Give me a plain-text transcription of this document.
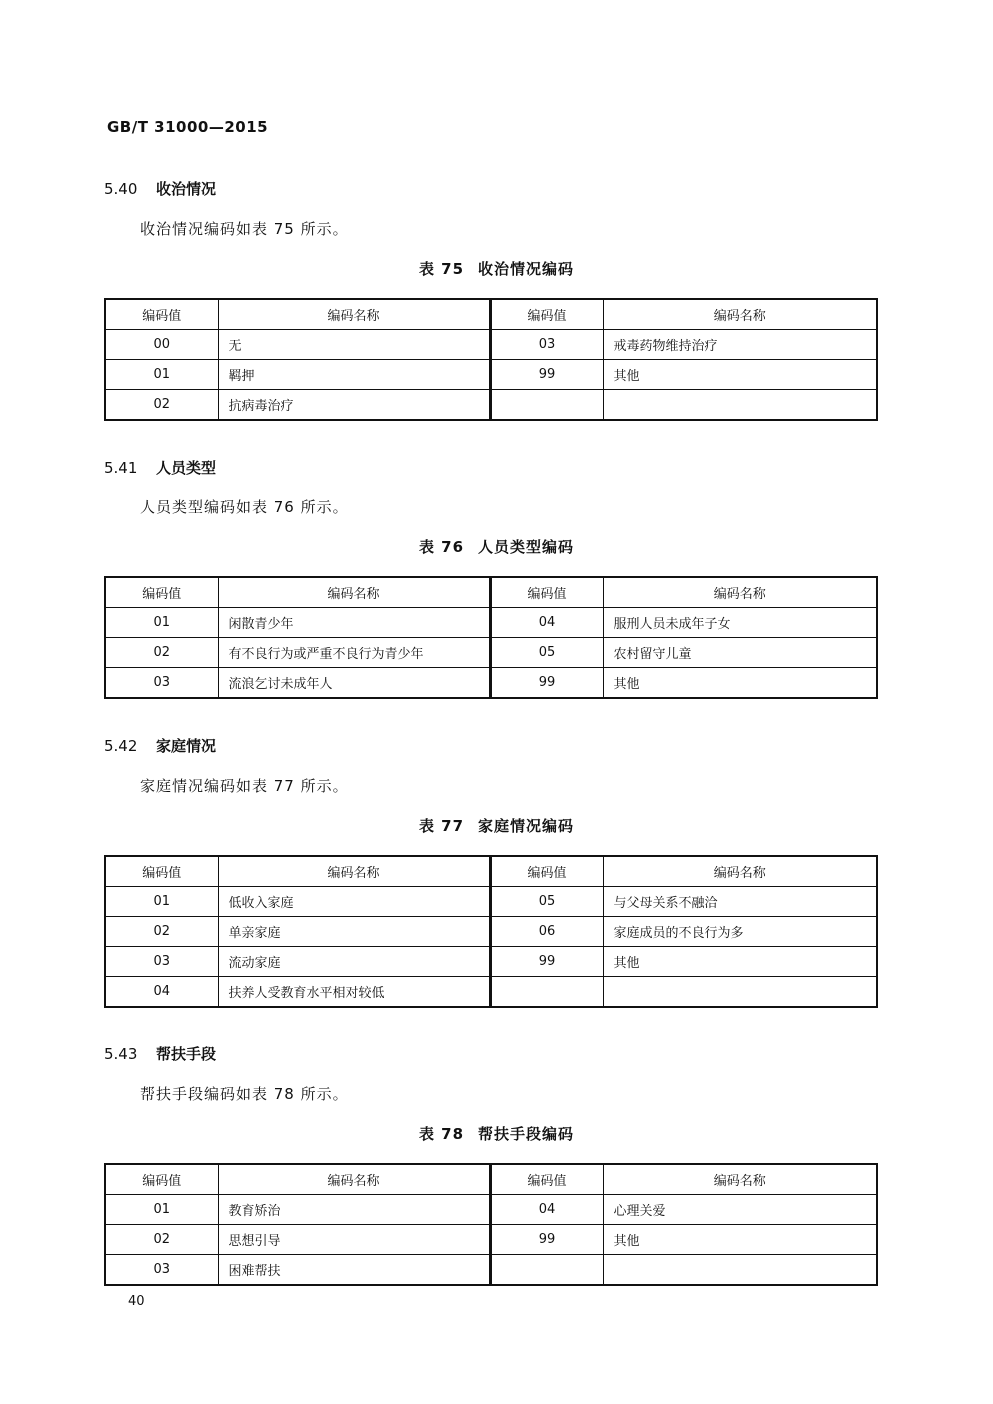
GB/T 31000—2015
5.40 收治情况
收治情况编码如表 75 所示。
表 75 收治情况编码
编码值	编码名称	编码值	编码名称
00	无	03	戒毒药物维持治疗
01	羁押	99	其他
02	抗病毒治疗		
5.41 人员类型
人员类型编码如表 76 所示。
表 76 人员类型编码
编码值	编码名称	编码值	编码名称
01	闲散青少年	04	服刑人员未成年子女
02	有不良行为或严重不良行为青少年	05	农村留守儿童
03	流浪乞讨未成年人	99	其他
5.42 家庭情况
家庭情况编码如表 77 所示。
表 77 家庭情况编码
编码值	编码名称	编码值	编码名称
01	低收入家庭	05	与父母关系不融洽
02	单亲家庭	06	家庭成员的不良行为多
03	流动家庭	99	其他
04	扶养人受教育水平相对较低		
5.43 帮扶手段
帮扶手段编码如表 78 所示。
表 78 帮扶手段编码
编码值	编码名称	编码值	编码名称
01	教育矫治	04	心理关爱
02	思想引导	99	其他
03	困难帮扶		
40
